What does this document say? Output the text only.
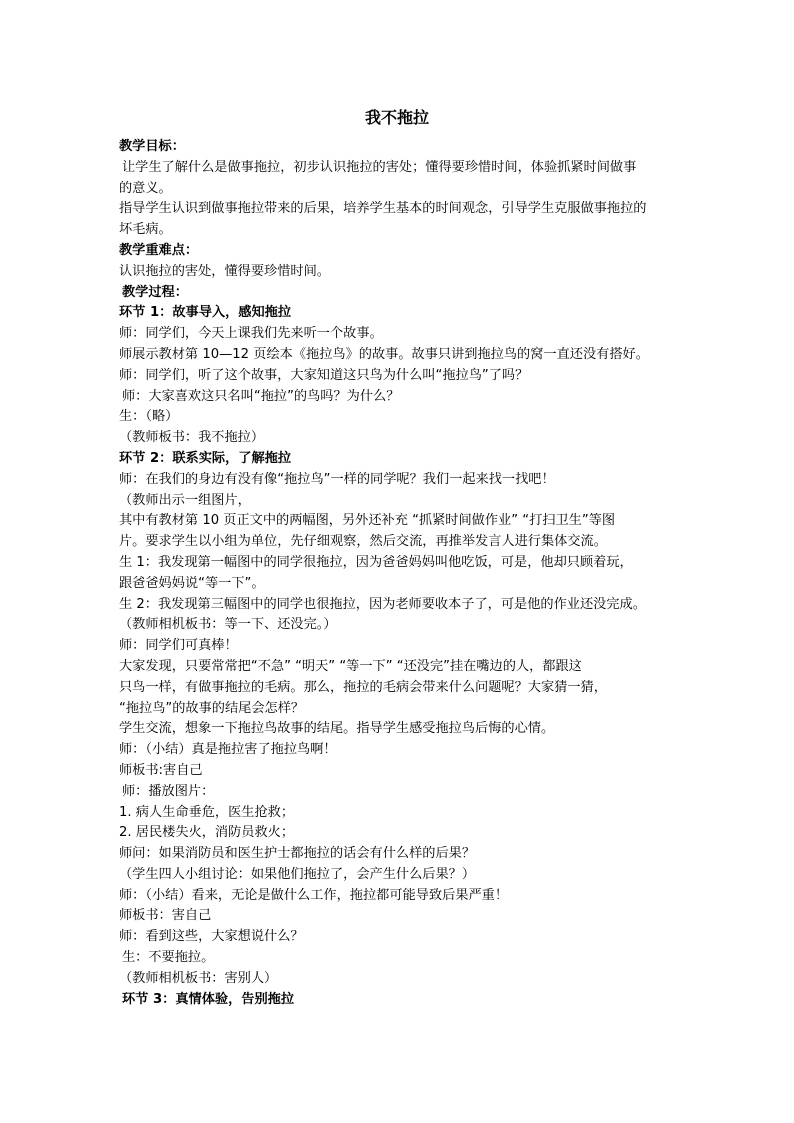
我不拖拉
教学目标：
让学生了解什么是做事拖拉，初步认识拖拉的害处；懂得要珍惜时间，体验抓紧时间做事
的意义。
指导学生认识到做事拖拉带来的后果，培养学生基本的时间观念，引导学生克服做事拖拉的
坏毛病。
教学重难点：
认识拖拉的害处，懂得要珍惜时间。
教学过程：
环节 1：故事导入，感知拖拉
师：同学们，今天上课我们先来听一个故事。
师展示教材第 10—12 页绘本《拖拉鸟》的故事。故事只讲到拖拉鸟的窝一直还没有搭好。
师：同学们，听了这个故事，大家知道这只鸟为什么叫“拖拉鸟”了吗？
师：大家喜欢这只名叫“拖拉”的鸟吗？为什么？
生：（略）
（教师板书：我不拖拉）
环节 2：联系实际，了解拖拉
师：在我们的身边有没有像“拖拉鸟”一样的同学呢？我们一起来找一找吧！
（教师出示一组图片，
其中有教材第 10 页正文中的两幅图，另外还补充 “抓紧时间做作业” “打扫卫生”等图
片。要求学生以小组为单位，先仔细观察，然后交流，再推举发言人进行集体交流。
生 1：我发现第一幅图中的同学很拖拉，因为爸爸妈妈叫他吃饭，可是，他却只顾着玩，
跟爸爸妈妈说“等一下”。
生 2：我发现第三幅图中的同学也很拖拉，因为老师要收本子了，可是他的作业还没完成。
（教师相机板书：等一下、还没完。）
师：同学们可真棒！
大家发现，只要常常把“不急” “明天” “等一下” “还没完”挂在嘴边的人，都跟这
只鸟一样，有做事拖拉的毛病。那么，拖拉的毛病会带来什么问题呢？大家猜一猜，
“拖拉鸟”的故事的结尾会怎样？
学生交流，想象一下拖拉鸟故事的结尾。指导学生感受拖拉鸟后悔的心情。
师：（小结）真是拖拉害了拖拉鸟啊！
师板书:害自己
师：播放图片：
1. 病人生命垂危，医生抢救；
2. 居民楼失火，消防员救火；
师问：如果消防员和医生护士都拖拉的话会有什么样的后果？
（学生四人小组讨论：如果他们拖拉了，会产生什么后果？）
师：（小结）看来，无论是做什么工作，拖拉都可能导致后果严重！
师板书：害自己
师：看到这些，大家想说什么？
生：不要拖拉。
（教师相机板书：害别人）
环节 3：真情体验，告别拖拉
